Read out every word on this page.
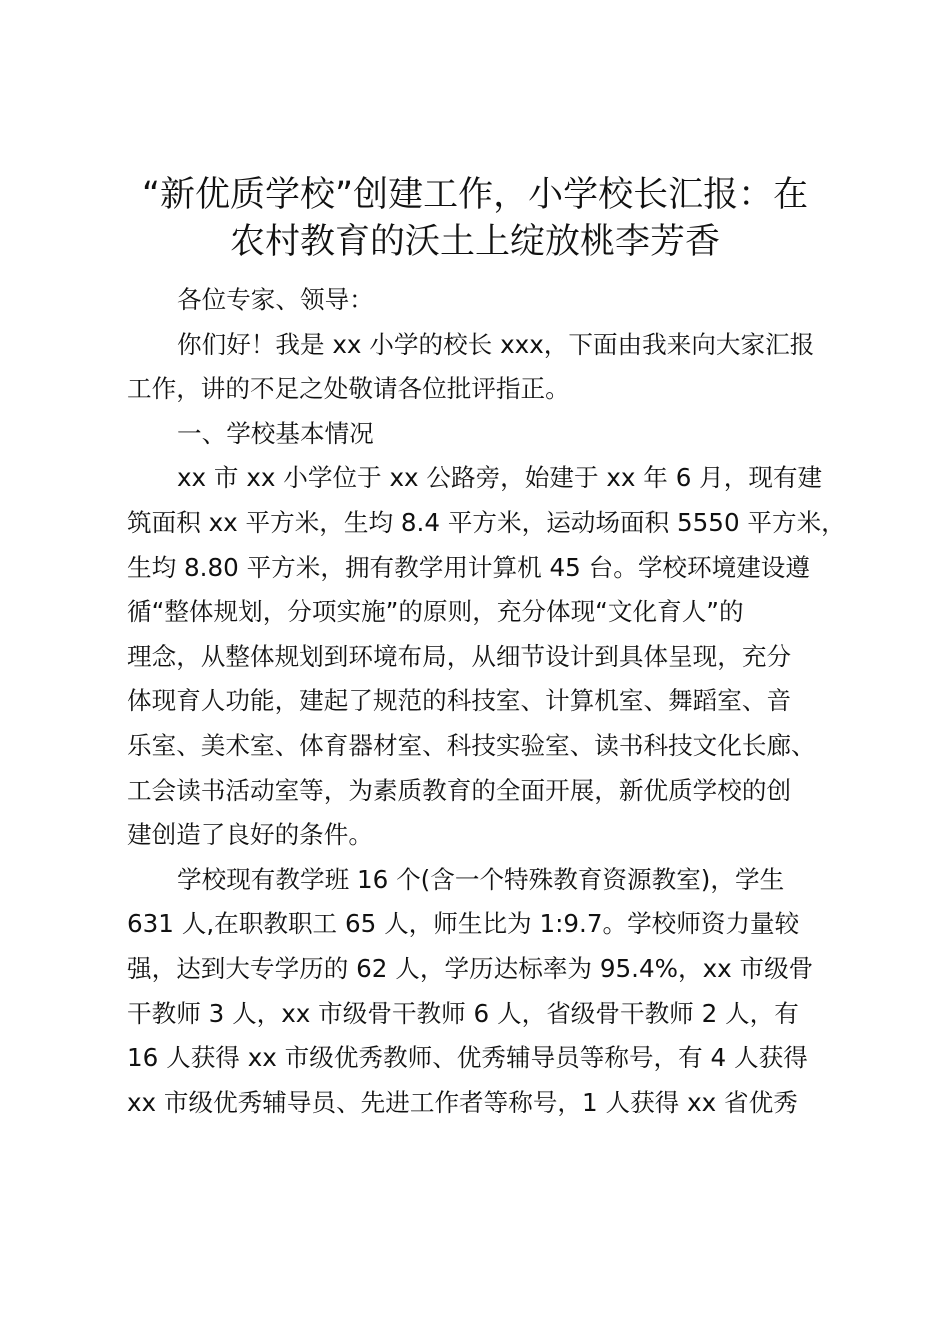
“新优质学校”创建工作，小学校长汇报：在
农村教育的沃土上绽放桃李芳香
各位专家、领导：
你们好！我是 xx 小学的校长 xxx，下面由我来向大家汇报
工作，讲的不足之处敬请各位批评指正。
一、学校基本情况
xx 市 xx 小学位于 xx 公路旁，始建于 xx 年 6 月，现有建
筑面积 xx 平方米，生均 8.4 平方米，运动场面积 5550 平方米，
生均 8.80 平方米，拥有教学用计算机 45 台。学校环境建设遵
循“整体规划，分项实施”的原则，充分体现“文化育人”的
理念，从整体规划到环境布局，从细节设计到具体呈现，充分
体现育人功能，建起了规范的科技室、计算机室、舞蹈室、音
乐室、美术室、体育器材室、科技实验室、读书科技文化长廊、
工会读书活动室等，为素质教育的全面开展，新优质学校的创
建创造了良好的条件。
学校现有教学班 16 个(含一个特殊教育资源教室)，学生
631 人,在职教职工 65 人，师生比为 1:9.7。学校师资力量较
强，达到大专学历的 62 人，学历达标率为 95.4%，xx 市级骨
干教师 3 人，xx 市级骨干教师 6 人，省级骨干教师 2 人，有
16 人获得 xx 市级优秀教师、优秀辅导员等称号，有 4 人获得
xx 市级优秀辅导员、先进工作者等称号，1 人获得 xx 省优秀
